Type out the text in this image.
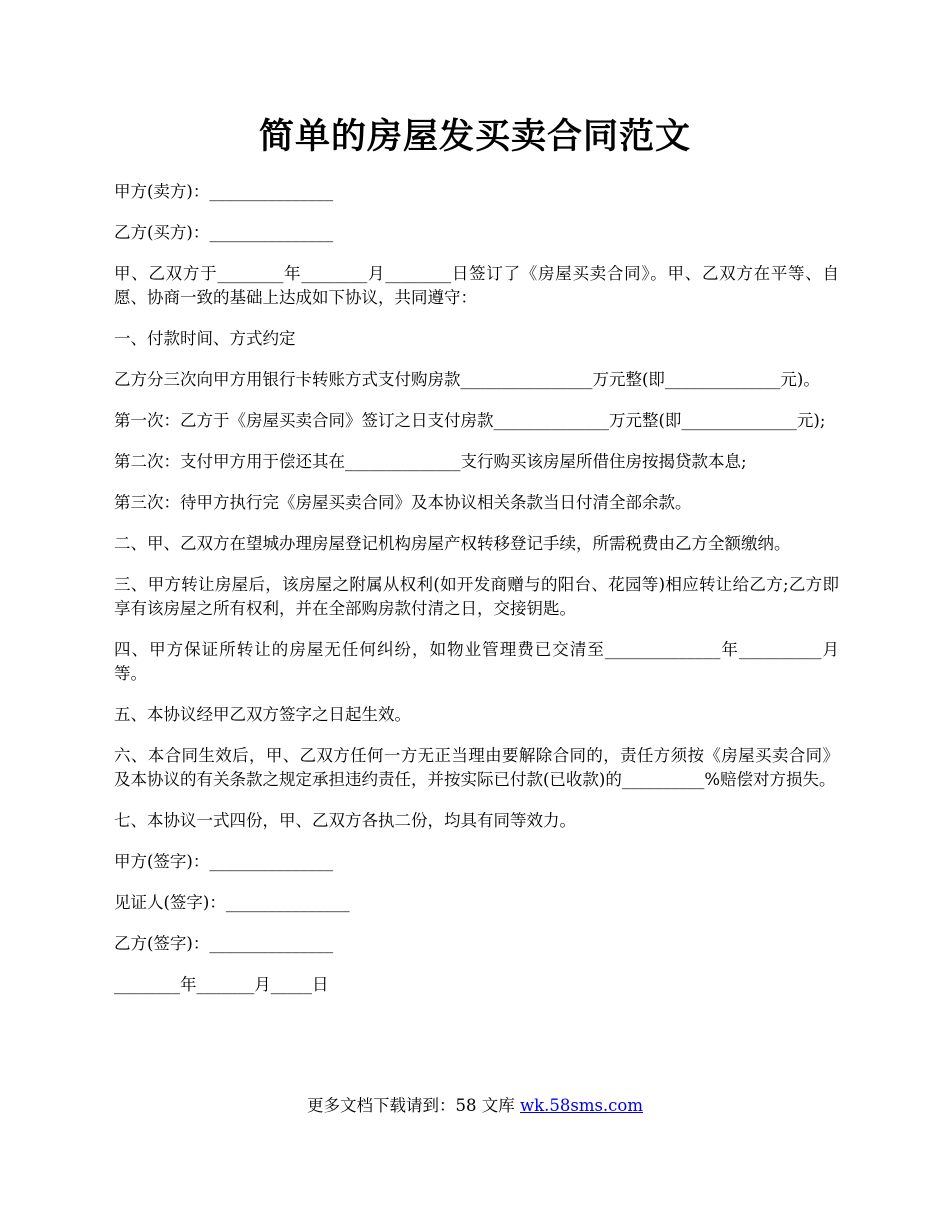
简单的房屋发买卖合同范文

甲方(卖方)：_______________

乙方(买方)：_______________

甲、乙双方于________年________月________日签订了《房屋买卖合同》。甲、乙双方在平等、自愿、协商一致的基础上达成如下协议，共同遵守：

一、付款时间、方式约定

乙方分三次向甲方用银行卡转账方式支付购房款________________万元整(即______________元)。

第一次：乙方于《房屋买卖合同》签订之日支付房款______________万元整(即______________元);

第二次：支付甲方用于偿还其在______________支行购买该房屋所借住房按揭贷款本息;

第三次：待甲方执行完《房屋买卖合同》及本协议相关条款当日付清全部余款。

二、甲、乙双方在望城办理房屋登记机构房屋产权转移登记手续，所需税费由乙方全额缴纳。

三、甲方转让房屋后，该房屋之附属从权利(如开发商赠与的阳台、花园等)相应转让给乙方;乙方即享有该房屋之所有权利，并在全部购房款付清之日，交接钥匙。

四、甲方保证所转让的房屋无任何纠纷，如物业管理费已交清至______________年__________月等。

五、本协议经甲乙双方签字之日起生效。

六、本合同生效后，甲、乙双方任何一方无正当理由要解除合同的，责任方须按《房屋买卖合同》及本协议的有关条款之规定承担违约责任，并按实际已付款(已收款)的__________%赔偿对方损失。

七、本协议一式四份，甲、乙双方各执二份，均具有同等效力。

甲方(签字)：_______________

见证人(签字)：_______________

乙方(签字)：_______________

________年_______月_____日

更多文档下载请到：58 文库 wk.58sms.com
